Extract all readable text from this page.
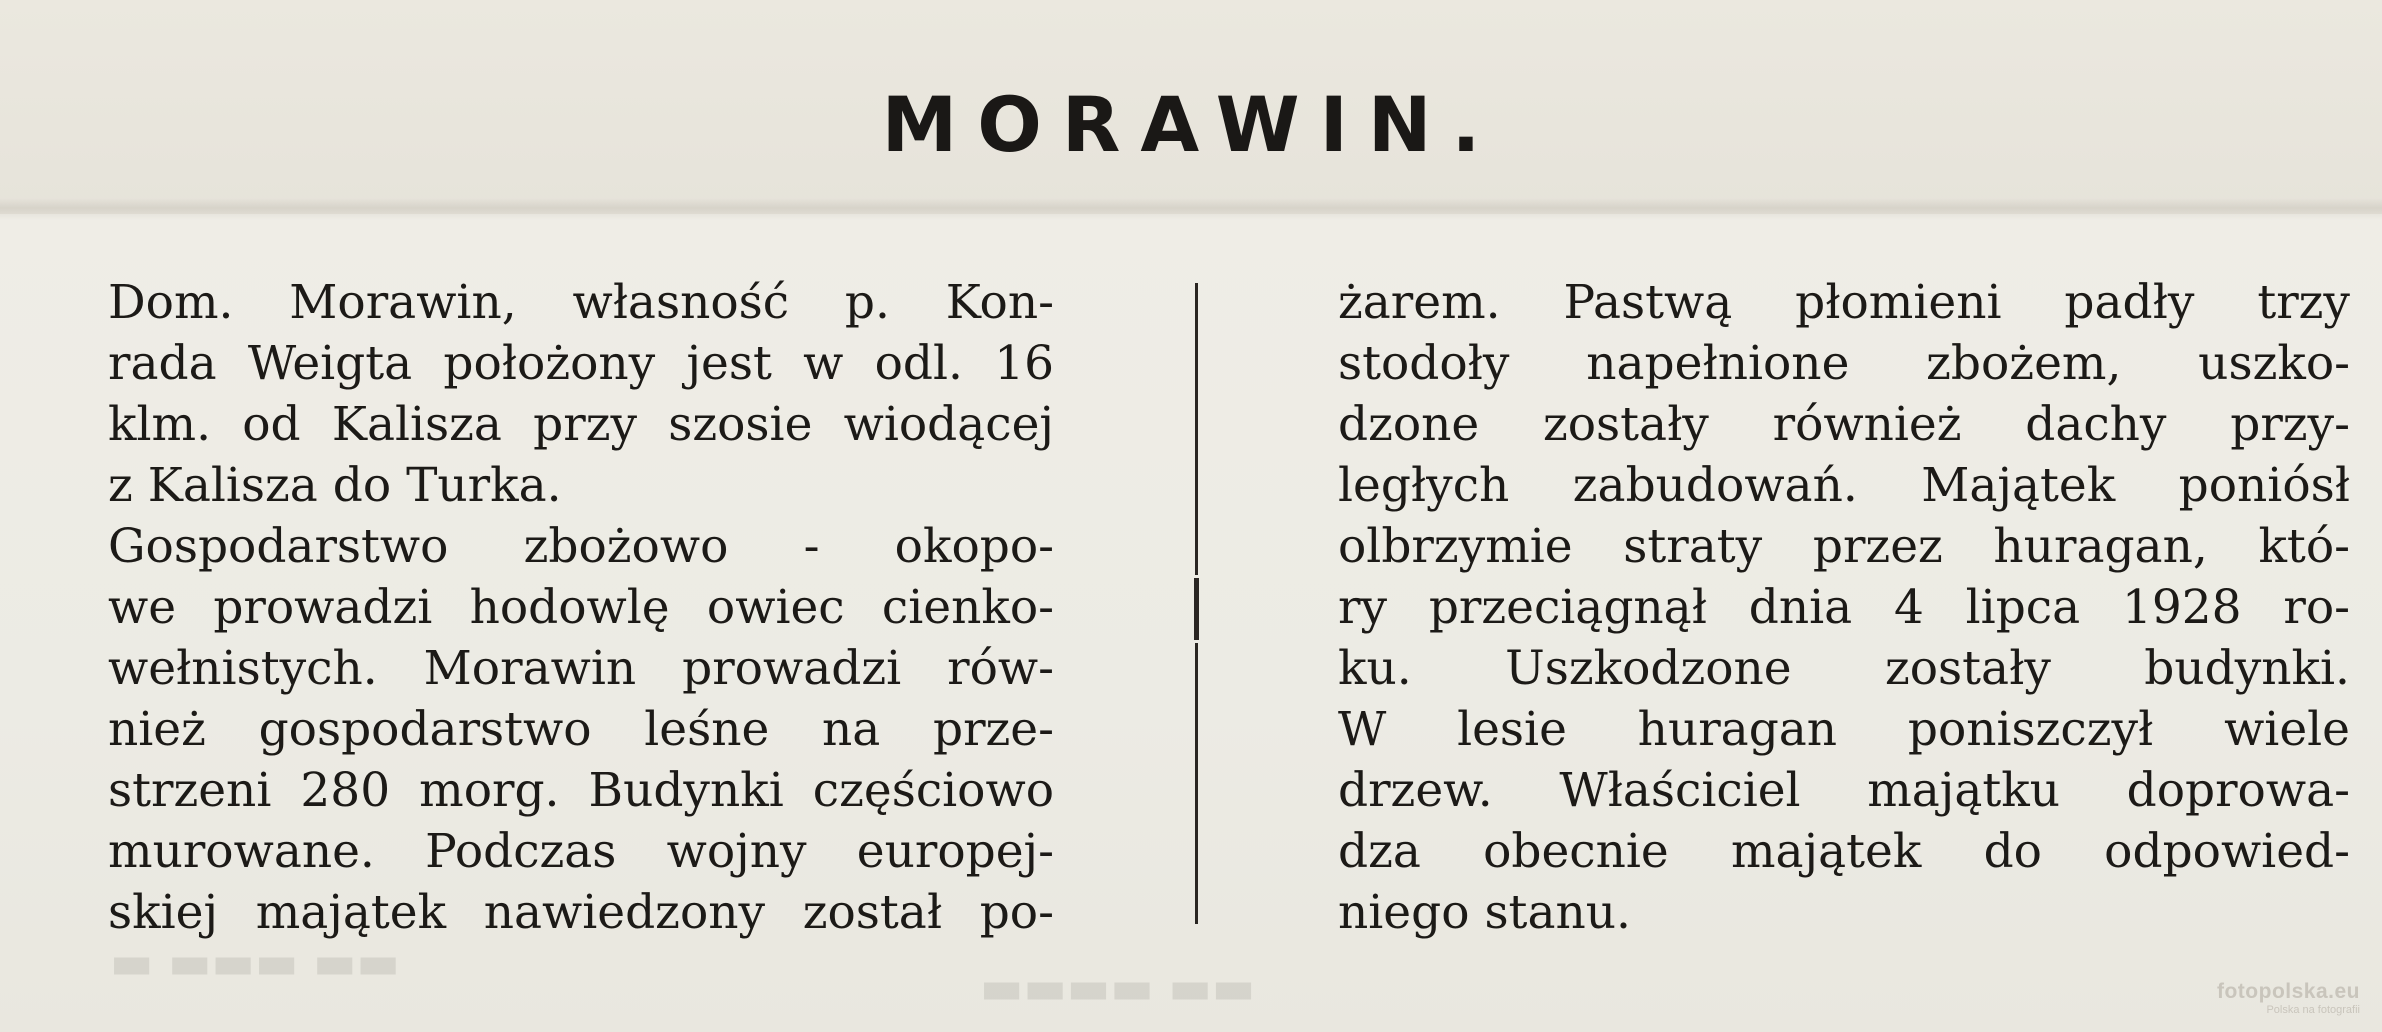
▬ ▬▬▬ ▬▬	▬▬▬▬ ▬▬
MORAWIN.
Dom. Morawin, własność p. Kon-
rada Weigta położony jest w odl. 16
klm. od Kalisza przy szosie wiodącej
z Kalisza do Turka.
Gospodarstwo zbożowo - okopo-
we prowadzi hodowlę owiec cienko-
wełnistych. Morawin prowadzi rów-
nież gospodarstwo leśne na prze-
strzeni 280 morg. Budynki częściowo
murowane. Podczas wojny europej-
skiej majątek nawiedzony został po-
żarem. Pastwą płomieni padły trzy
stodoły napełnione zbożem, uszko-
dzone zostały również dachy przy-
ległych zabudowań. Majątek poniósł
olbrzymie straty przez huragan, któ-
ry przeciągnął dnia 4 lipca 1928 ro-
ku. Uszkodzone zostały budynki.
W lesie huragan poniszczył wiele
drzew. Właściciel majątku doprowa-
dza obecnie majątek do odpowied-
niego stanu.
fotopolska.eu
Polska na fotografii
